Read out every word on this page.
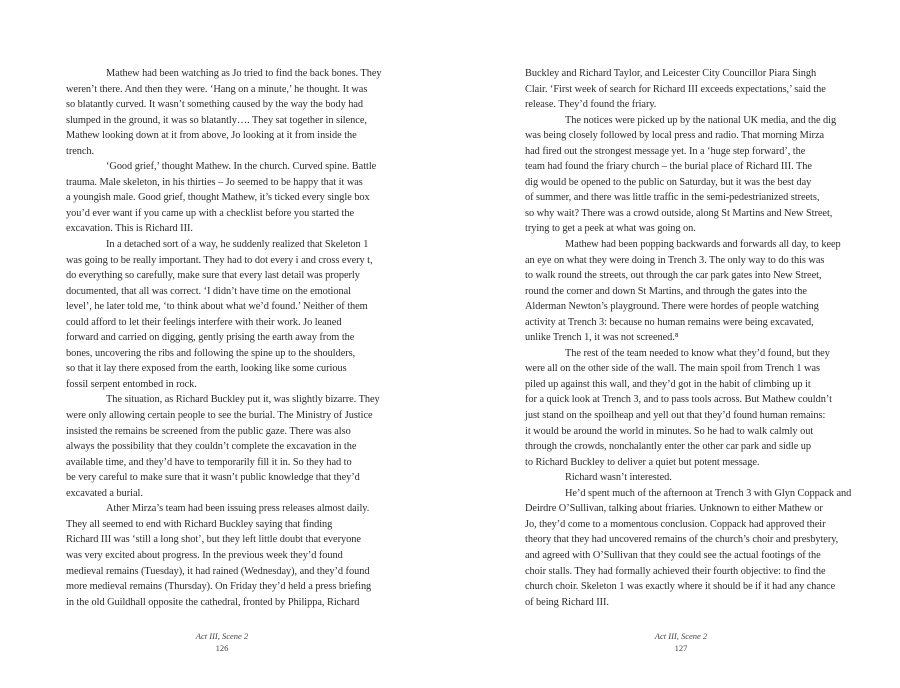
Mathew had been watching as Jo tried to find the back bones. They
weren’t there. And then they were. ‘Hang on a minute,’ he thought. It was
so blatantly curved. It wasn’t something caused by the way the body had
slumped in the ground, it was so blatantly…. They sat together in silence,
Mathew looking down at it from above, Jo looking at it from inside the
trench.

‘Good grief,’ thought Mathew. In the church. Curved spine. Battle
trauma. Male skeleton, in his thirties – Jo seemed to be happy that it was
a youngish male. Good grief, thought Mathew, it’s ticked every single box
you’d ever want if you came up with a checklist before you started the
excavation. This is Richard III.

In a detached sort of a way, he suddenly realized that Skeleton 1
was going to be really important. They had to dot every i and cross every t,
do everything so carefully, make sure that every last detail was properly
documented, that all was correct. ‘I didn’t have time on the emotional
level’, he later told me, ‘to think about what we’d found.’ Neither of them
could afford to let their feelings interfere with their work. Jo leaned
forward and carried on digging, gently prising the earth away from the
bones, uncovering the ribs and following the spine up to the shoulders,
so that it lay there exposed from the earth, looking like some curious
fossil serpent entombed in rock.

The situation, as Richard Buckley put it, was slightly bizarre. They
were only allowing certain people to see the burial. The Ministry of Justice
insisted the remains be screened from the public gaze. There was also
always the possibility that they couldn’t complete the excavation in the
available time, and they’d have to temporarily fill it in. So they had to
be very careful to make sure that it wasn’t public knowledge that they’d
excavated a burial.

Ather Mirza’s team had been issuing press releases almost daily.
They all seemed to end with Richard Buckley saying that finding
Richard III was ‘still a long shot’, but they left little doubt that everyone
was very excited about progress. In the previous week they’d found
medieval remains (Tuesday), it had rained (Wednesday), and they’d found
more medieval remains (Thursday). On Friday they’d held a press briefing
in the old Guildhall opposite the cathedral, fronted by Philippa, Richard

Buckley and Richard Taylor, and Leicester City Councillor Piara Singh
Clair. ‘First week of search for Richard III exceeds expectations,’ said the
release. They’d found the friary.

The notices were picked up by the national UK media, and the dig
was being closely followed by local press and radio. That morning Mirza
had fired out the strongest message yet. In a ‘huge step forward’, the
team had found the friary church – the burial place of Richard III. The
dig would be opened to the public on Saturday, but it was the best day
of summer, and there was little traffic in the semi-pedestrianized streets,
so why wait? There was a crowd outside, along St Martins and New Street,
trying to get a peek at what was going on.

Mathew had been popping backwards and forwards all day, to keep
an eye on what they were doing in Trench 3. The only way to do this was
to walk round the streets, out through the car park gates into New Street,
round the corner and down St Martins, and through the gates into the
Alderman Newton’s playground. There were hordes of people watching
activity at Trench 3: because no human remains were being excavated,
unlike Trench 1, it was not screened.⁸

The rest of the team needed to know what they’d found, but they
were all on the other side of the wall. The main spoil from Trench 1 was
piled up against this wall, and they’d got in the habit of climbing up it
for a quick look at Trench 3, and to pass tools across. But Mathew couldn’t
just stand on the spoilheap and yell out that they’d found human remains:
it would be around the world in minutes. So he had to walk calmly out
through the crowds, nonchalantly enter the other car park and sidle up
to Richard Buckley to deliver a quiet but potent message.

Richard wasn’t interested.

He’d spent much of the afternoon at Trench 3 with Glyn Coppack and
Deirdre O’Sullivan, talking about friaries. Unknown to either Mathew or
Jo, they’d come to a momentous conclusion. Coppack had approved their
theory that they had uncovered remains of the church’s choir and presbytery,
and agreed with O’Sullivan that they could see the actual footings of the
choir stalls. They had formally achieved their fourth objective: to find the
church choir. Skeleton 1 was exactly where it should be if it had any chance
of being Richard III.

Act III, Scene 2
126
Act III, Scene 2
127
